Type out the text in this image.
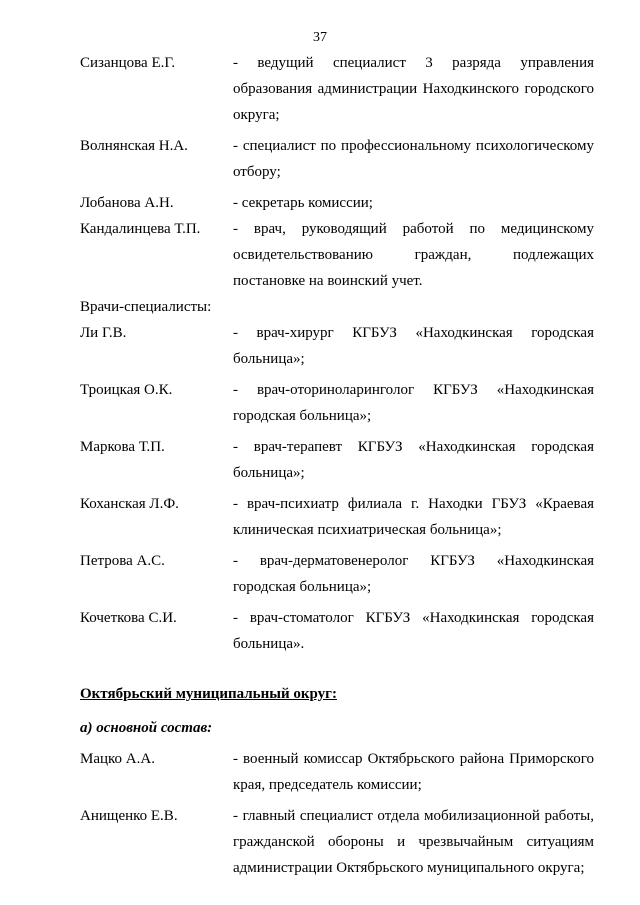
37
Сизанцова Е.Г.	- ведущий специалист 3 разряда управления образования администрации Находкинского городского округа;
Волнянская Н.А.	- специалист по профессиональному психологическому отбору;
Лобанова А.Н.	- секретарь комиссии;
Кандалинцева Т.П.	- врач, руководящий работой по медицинскому освидетельствованию граждан, подлежащих постановке на воинский учет.
Врачи-специалисты:
Ли Г.В.	- врач-хирург КГБУЗ «Находкинская городская больница»;
Троицкая О.К.	- врач-оториноларинголог КГБУЗ «Находкинская городская больница»;
Маркова Т.П.	- врач-терапевт КГБУЗ «Находкинская городская больница»;
Коханская Л.Ф.	- врач-психиатр филиала г. Находки ГБУЗ «Краевая клиническая психиатрическая больница»;
Петрова А.С.	- врач-дерматовенеролог КГБУЗ «Находкинская городская больница»;
Кочеткова С.И.	- врач-стоматолог КГБУЗ «Находкинская городская больница».
Октябрьский муниципальный округ:
а) основной состав:
Мацко А.А.	- военный комиссар Октябрьского района Приморского края, председатель комиссии;
Анищенко Е.В.	- главный специалист отдела мобилизационной работы, гражданской обороны и чрезвычайным ситуациям администрации Октябрьского муниципального округа;
